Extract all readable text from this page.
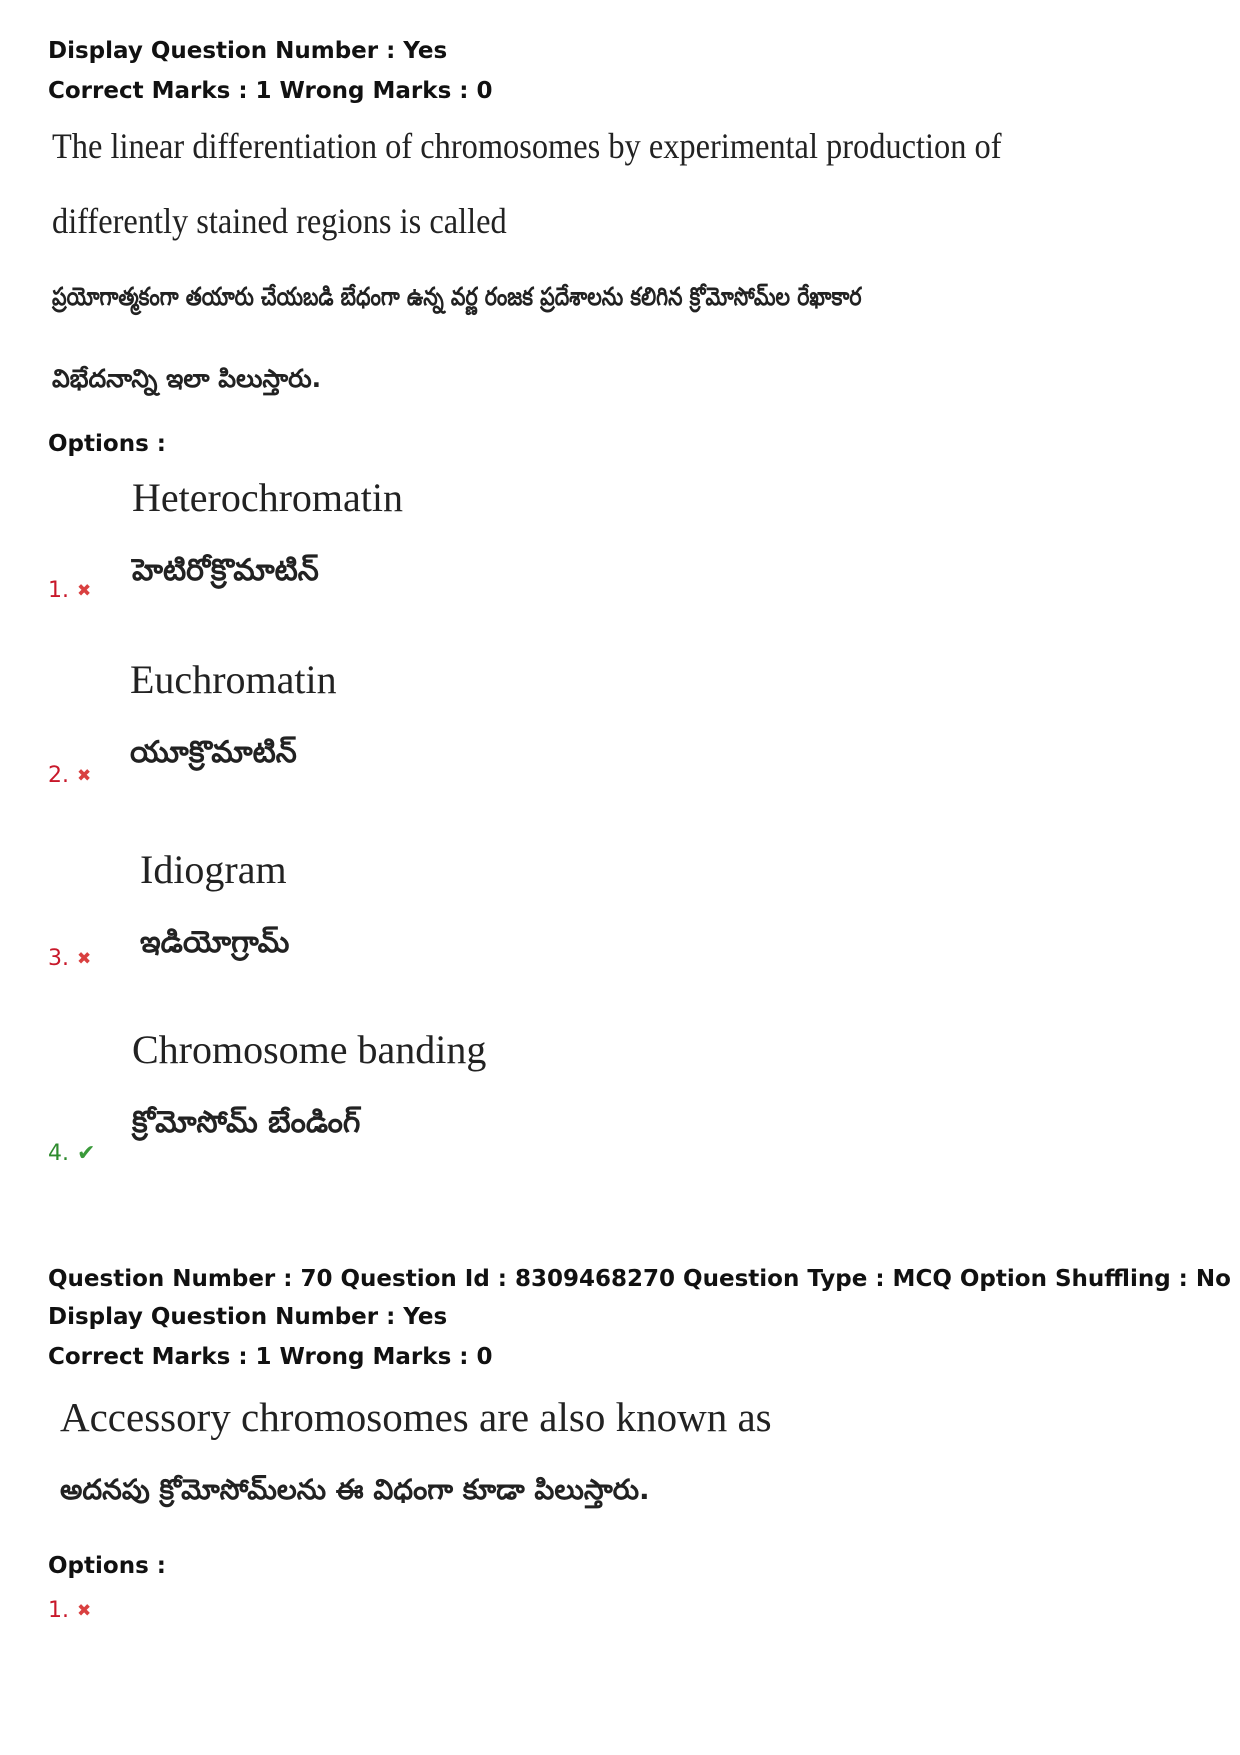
Display Question Number : Yes
Correct Marks : 1 Wrong Marks : 0
The linear differentiation of chromosomes by experimental production of
differently stained regions is called
ప్రయోగాత్మకంగా తయారు చేయబడి బేధంగా ఉన్న వర్ణ రంజక ప్రదేశాలను కలిగిన క్రోమోసోమ్‌ల రేఖాకార
విభేదనాన్ని ఇలా పిలుస్తారు.
Options :
Heterochromatin
హెటిరోక్రొమాటిన్
1. ✖
Euchromatin
యూక్రొమాటిన్
2. ✖
Idiogram
ఇడియోగ్రామ్
3. ✖
Chromosome banding
క్రోమోసోమ్ బేండింగ్
4. ✔
Question Number : 70 Question Id : 8309468270 Question Type : MCQ Option Shuffling : No
Display Question Number : Yes
Correct Marks : 1 Wrong Marks : 0
Accessory chromosomes are also known as
అదనపు క్రోమోసోమ్‌లను ఈ విధంగా కూడా పిలుస్తారు.
Options :
1. ✖
